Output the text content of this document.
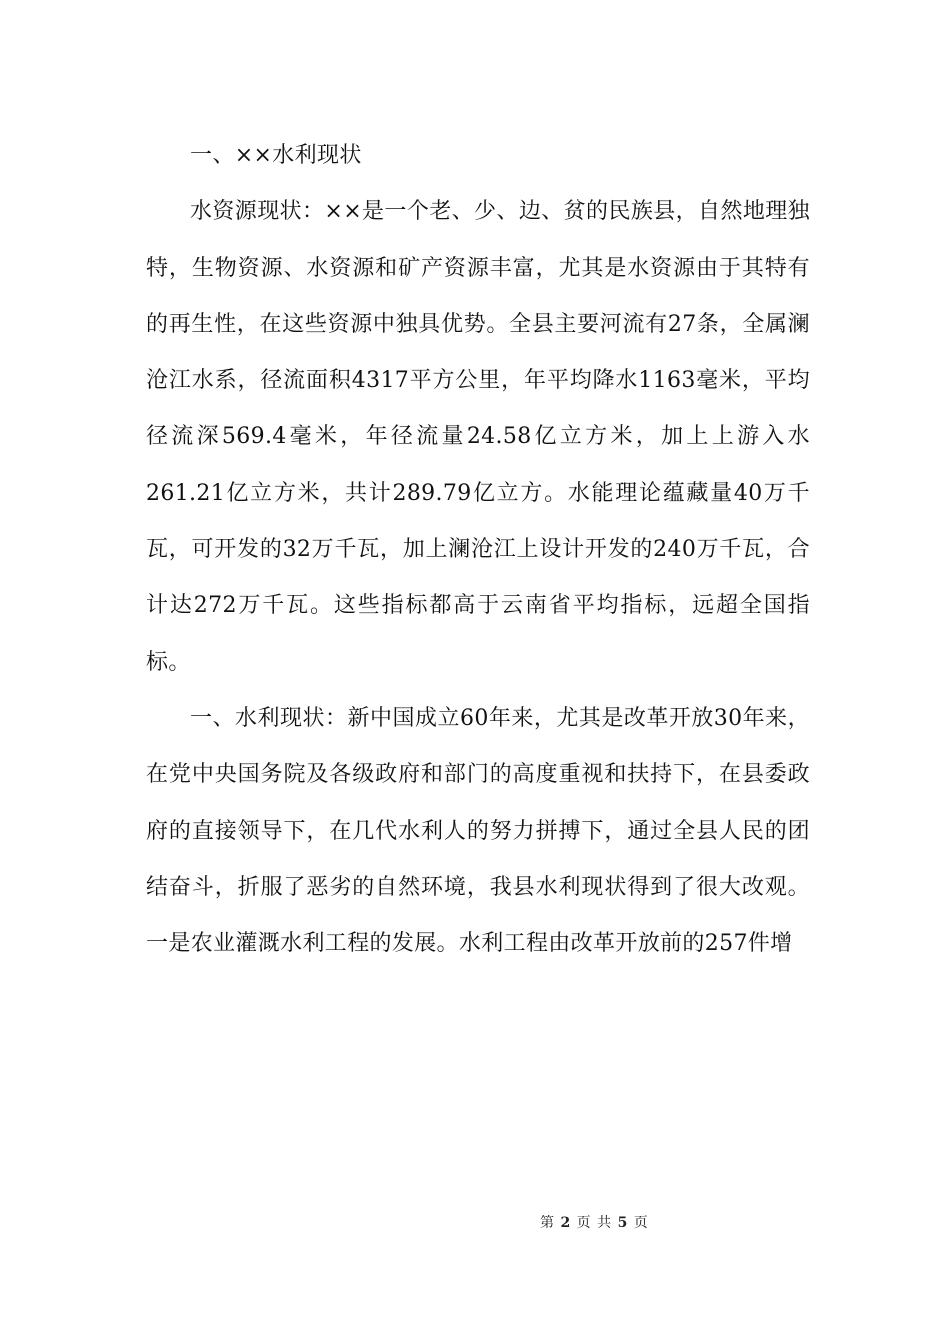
一、××水利现状

水资源现状：××是一个老、少、边、贫的民族县，自然地理独特，生物资源、水资源和矿产资源丰富，尤其是水资源由于其特有的再生性，在这些资源中独具优势。全县主要河流有27条，全属澜沧江水系，径流面积4317平方公里，年平均降水1163毫米，平均径流深569.4毫米，年径流量24.58亿立方米，加上上游入水261.21亿立方米，共计289.79亿立方。水能理论蕴藏量40万千瓦，可开发的32万千瓦，加上澜沧江上设计开发的240万千瓦，合计达272万千瓦。这些指标都高于云南省平均指标，远超全国指标。

一、水利现状：新中国成立60年来，尤其是改革开放30年来，在党中央国务院及各级政府和部门的高度重视和扶持下，在县委政府的直接领导下，在几代水利人的努力拼搏下，通过全县人民的团结奋斗，折服了恶劣的自然环境，我县水利现状得到了很大改观。一是农业灌溉水利工程的发展。水利工程由改革开放前的257件增

第 2 页 共 5 页
